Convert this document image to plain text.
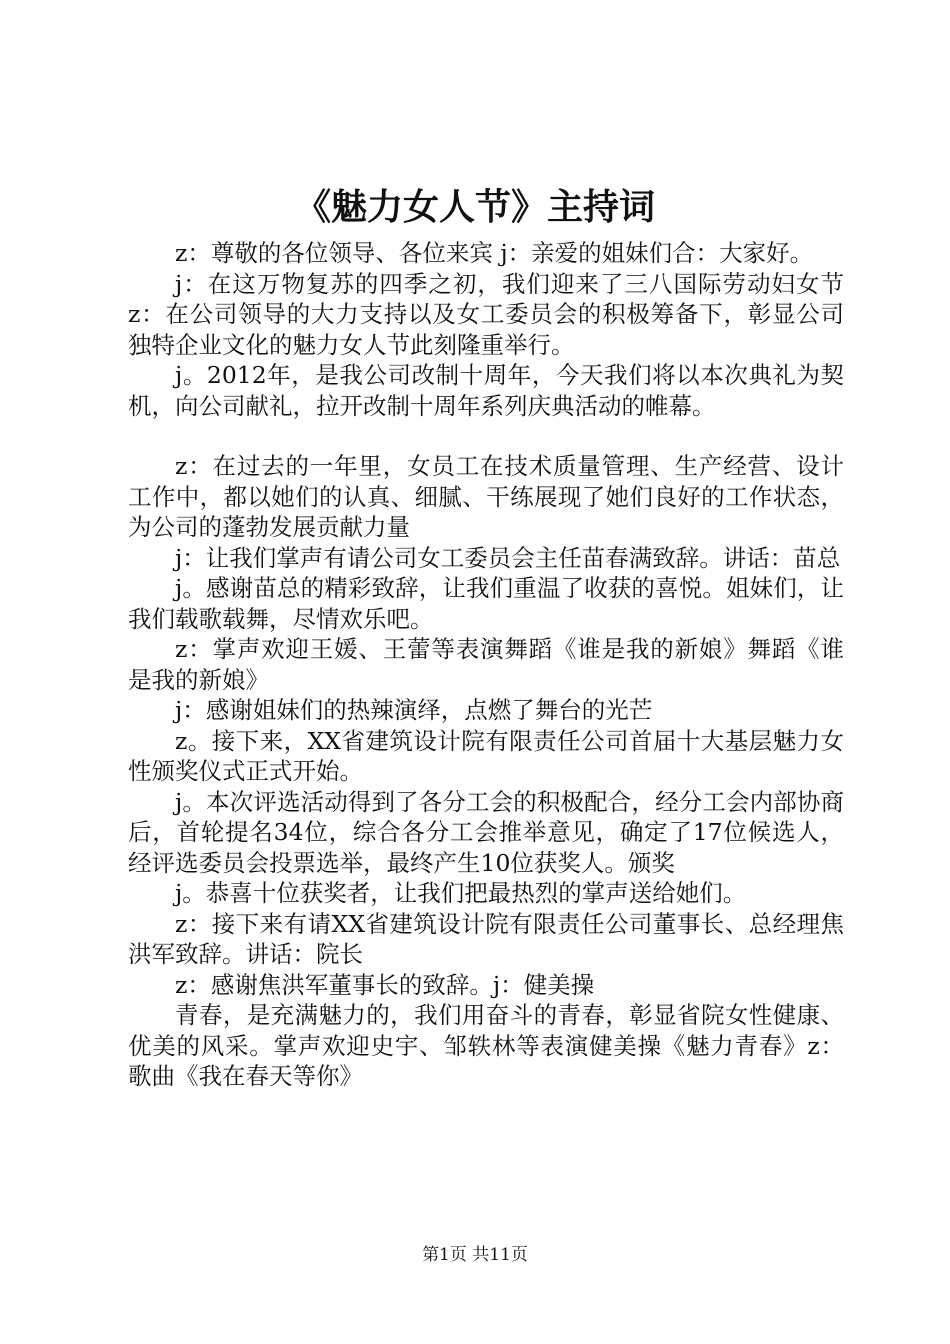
《魅力女人节》主持词

z：尊敬的各位领导、各位来宾 j：亲爱的姐妹们合：大家好。

j：在这万物复苏的四季之初，我们迎来了三八国际劳动妇女节 z：在公司领导的大力支持以及女工委员会的积极筹备下，彰显公司独特企业文化的魅力女人节此刻隆重举行。

j。2012年，是我公司改制十周年，今天我们将以本次典礼为契机，向公司献礼，拉开改制十周年系列庆典活动的帷幕。

z：在过去的一年里，女员工在技术质量管理、生产经营、设计工作中，都以她们的认真、细腻、干练展现了她们良好的工作状态，为公司的蓬勃发展贡献力量

j：让我们掌声有请公司女工委员会主任苗春满致辞。讲话：苗总

j。感谢苗总的精彩致辞，让我们重温了收获的喜悦。姐妹们，让我们载歌载舞，尽情欢乐吧。

z：掌声欢迎王媛、王蕾等表演舞蹈《谁是我的新娘》舞蹈《谁是我的新娘》

j：感谢姐妹们的热辣演绎，点燃了舞台的光芒

z。接下来，XX省建筑设计院有限责任公司首届十大基层魅力女性颁奖仪式正式开始。

j。本次评选活动得到了各分工会的积极配合，经分工会内部协商后，首轮提名34位，综合各分工会推举意见，确定了17位候选人，经评选委员会投票选举，最终产生10位获奖人。颁奖

j。恭喜十位获奖者，让我们把最热烈的掌声送给她们。

z：接下来有请XX省建筑设计院有限责任公司董事长、总经理焦洪军致辞。讲话：院长

z：感谢焦洪军董事长的致辞。j：健美操

青春，是充满魅力的，我们用奋斗的青春，彰显省院女性健康、优美的风采。掌声欢迎史宇、邹轶林等表演健美操《魅力青春》z：歌曲《我在春天等你》

第1页 共11页
